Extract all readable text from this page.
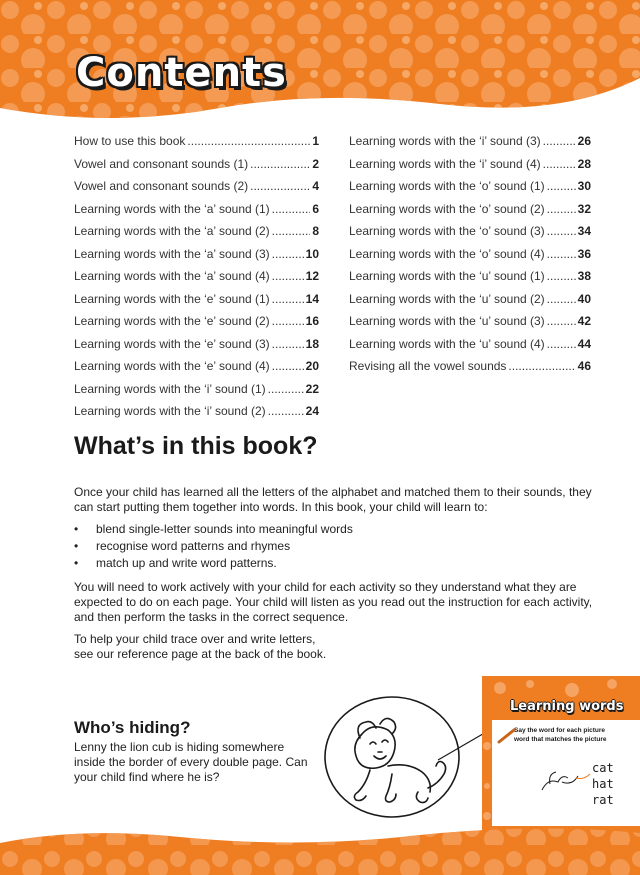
Contents
How to use this book .....	1
Vowel and consonant sounds (1) .....	2
Vowel and consonant sounds (2) .....	4
Learning words with the ‘a’ sound (1) .....	6
Learning words with the ‘a’ sound (2) .....	8
Learning words with the ‘a’ sound (3) .....	10
Learning words with the ‘a’ sound (4) .....	12
Learning words with the ‘e’ sound (1) .....	14
Learning words with the ‘e’ sound (2) .....	16
Learning words with the ‘e’ sound (3) .....	18
Learning words with the ‘e’ sound (4) .....	20
Learning words with the ‘i’ sound (1) .....	22
Learning words with the ‘i’ sound (2) .....	24
Learning words with the ‘i’ sound (3) .....	26
Learning words with the ‘i’ sound (4) .....	28
Learning words with the ‘o’ sound (1) .....	30
Learning words with the ‘o’ sound (2) .....	32
Learning words with the ‘o’ sound (3) .....	34
Learning words with the ‘o’ sound (4) .....	36
Learning words with the ‘u’ sound (1) .....	38
Learning words with the ‘u’ sound (2) .....	40
Learning words with the ‘u’ sound (3) .....	42
Learning words with the ‘u’ sound (4) .....	44
Revising all the vowel sounds .....	46
What’s in this book?

Once your child has learned all the letters of the alphabet and matched them to their sounds, they
can start putting them together into words. In this book, your child will learn to:

• blend single-letter sounds into meaningful words
• recognise word patterns and rhymes
• match up and write word patterns.

You will need to work actively with your child for each activity so they understand what they are
expected to do on each page. Your child will listen as you read out the instruction for each activity,
and then perform the tasks in the correct sequence.

To help your child trace over and write letters,
see our reference page at the back of the book.

Who’s hiding?
Lenny the lion cub is hiding somewhere
inside the border of every double page. Can
your child find where he is?
Say the word for each picture
word that matches the picture
cat
hat
rat
Learning words
